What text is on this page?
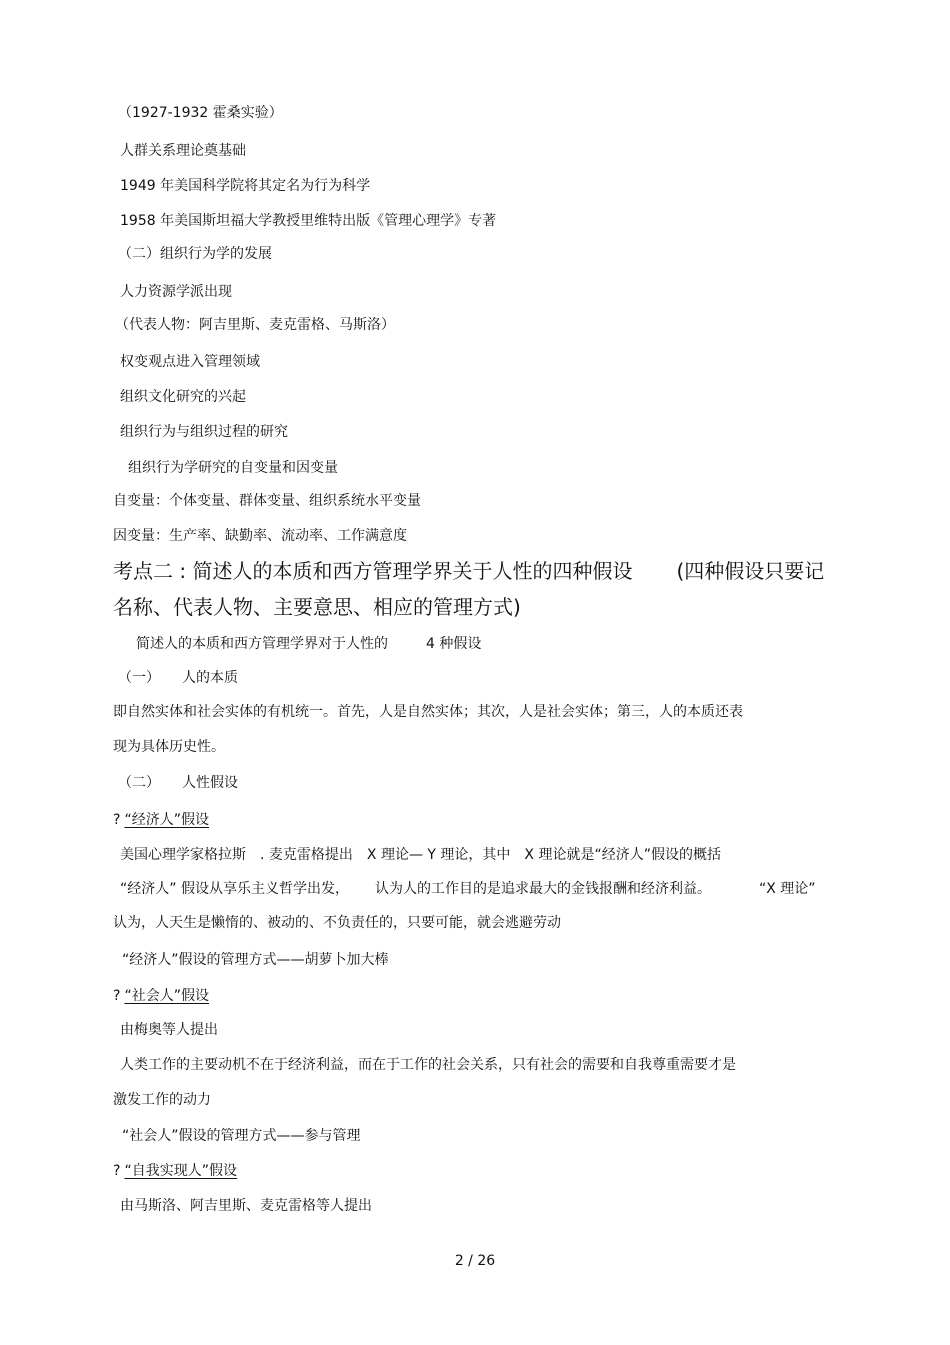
（1927-1932 霍桑实验）
人群关系理论奠基础
1949 年美国科学院将其定名为行为科学
1958 年美国斯坦福大学教授里维特出版《管理心理学》专著
（二）组织行为学的发展
人力资源学派出现
（代表人物：阿吉里斯、麦克雷格、马斯洛）
权变观点进入管理领域
组织文化研究的兴起
组织行为与组织过程的研究
组织行为学研究的自变量和因变量
自变量：个体变量、群体变量、组织系统水平变量
因变量：生产率、缺勤率、流动率、工作满意度
考点二 : 简述人的本质和西方管理学界关于人性的四种假设 (四种假设只要记
名称、代表人物、主要意思、相应的管理方式)
简述人的本质和西方管理学界对于人性的	4 种假设
（一） 人的本质
即自然实体和社会实体的有机统一。首先，人是自然实体；其次，人是社会实体；第三，人的本质还表
现为具体历史性。
（二） 人性假设
? “经济人”假设
美国心理学家格拉斯 . 麦克雷格提出 X 理论— Y 理论，其中 X 理论就是“经济人”假设的概括
“经济人” 假设从享乐主义哲学出发， 认为人的工作目的是追求最大的金钱报酬和经济利益。	“X 理论”
认为，人天生是懒惰的、被动的、不负责任的，只要可能，就会逃避劳动
“经济人”假设的管理方式——胡萝卜加大棒
? “社会人”假设
由梅奥等人提出
人类工作的主要动机不在于经济利益，而在于工作的社会关系，只有社会的需要和自我尊重需要才是
激发工作的动力
“社会人”假设的管理方式——参与管理
? “自我实现人”假设
由马斯洛、阿吉里斯、麦克雷格等人提出
2 / 26
